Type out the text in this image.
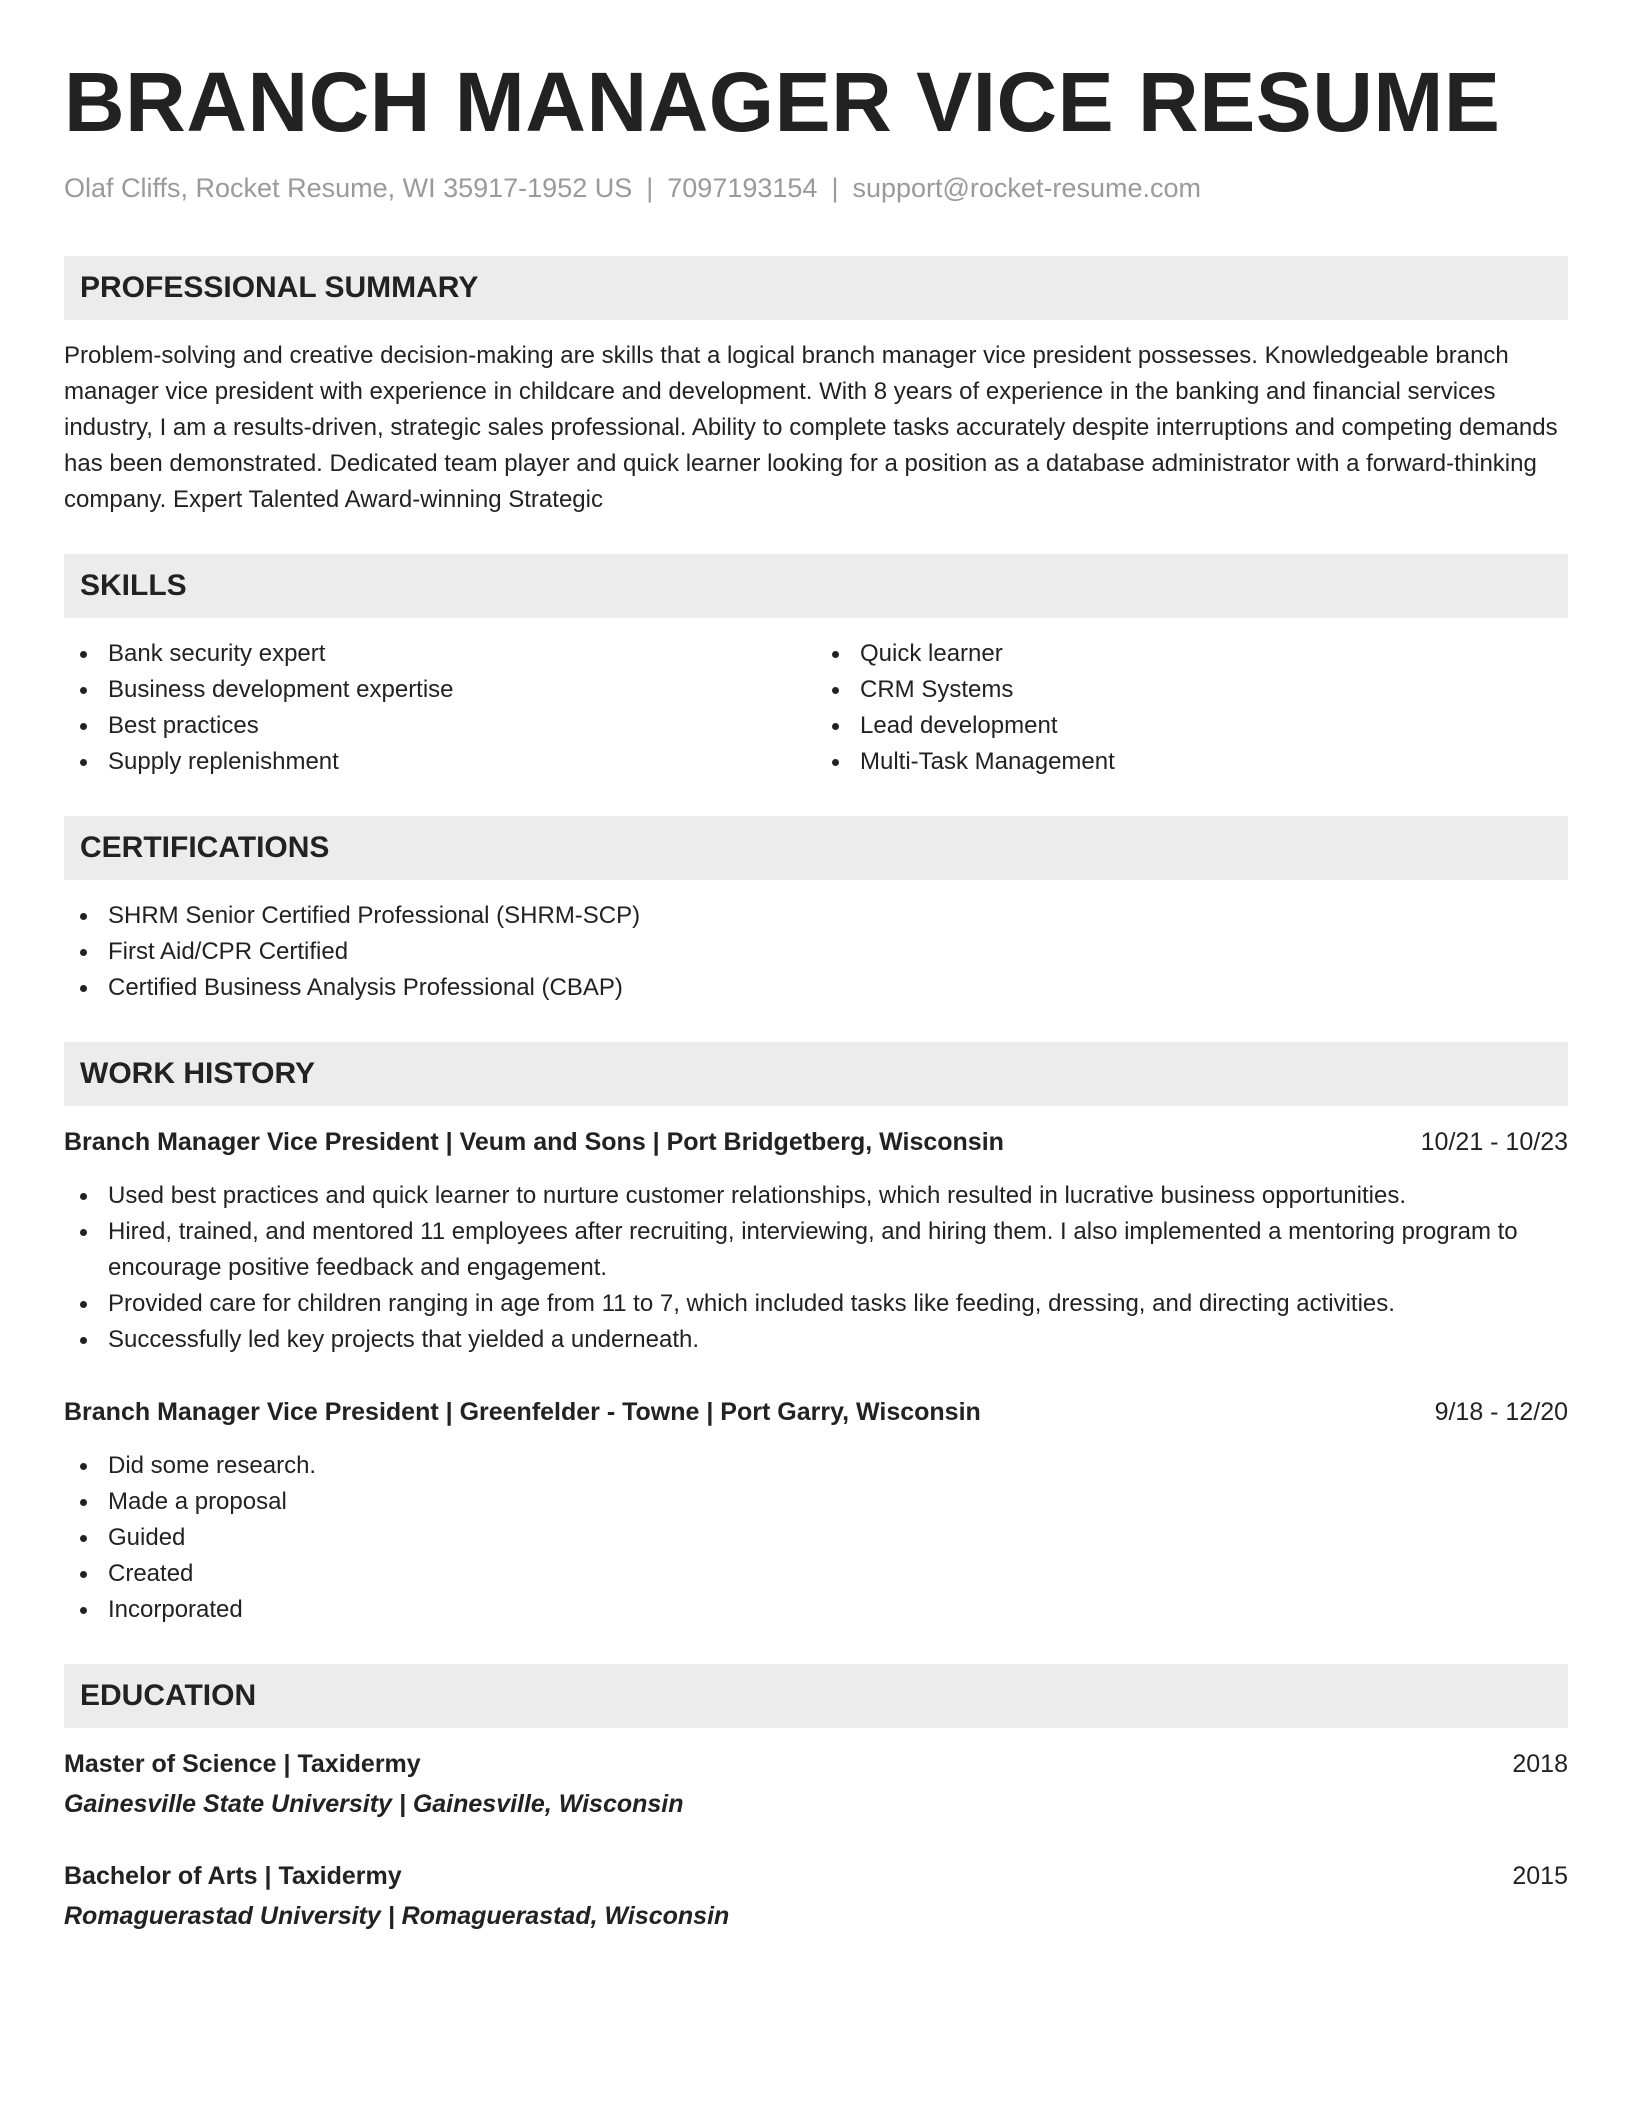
BRANCH MANAGER VICE RESUME
Olaf Cliffs, Rocket Resume, WI 35917-1952 US | 7097193154 | support@rocket-resume.com
PROFESSIONAL SUMMARY

Problem-solving and creative decision-making are skills that a logical branch manager vice president possesses. Knowledgeable branch manager vice president with experience in childcare and development. With 8 years of experience in the banking and financial services industry, I am a results-driven, strategic sales professional. Ability to complete tasks accurately despite interruptions and competing demands has been demonstrated. Dedicated team player and quick learner looking for a position as a database administrator with a forward-thinking company. Expert Talented Award-winning Strategic

SKILLS
Bank security expert
Business development expertise
Best practices
Supply replenishment
Quick learner
CRM Systems
Lead development
Multi-Task Management
CERTIFICATIONS
SHRM Senior Certified Professional (SHRM-SCP)
First Aid/CPR Certified
Certified Business Analysis Professional (CBAP)
WORK HISTORY
Branch Manager Vice President | Veum and Sons | Port Bridgetberg, Wisconsin	10/21 - 10/23
Used best practices and quick learner to nurture customer relationships, which resulted in lucrative business opportunities.
Hired, trained, and mentored 11 employees after recruiting, interviewing, and hiring them. I also implemented a mentoring program to encourage positive feedback and engagement.
Provided care for children ranging in age from 11 to 7, which included tasks like feeding, dressing, and directing activities.
Successfully led key projects that yielded a underneath.
Branch Manager Vice President | Greenfelder - Towne | Port Garry, Wisconsin	9/18 - 12/20
Did some research.
Made a proposal
Guided
Created
Incorporated
EDUCATION
Master of Science | Taxidermy	2018
Gainesville State University | Gainesville, Wisconsin
Bachelor of Arts | Taxidermy	2015
Romaguerastad University | Romaguerastad, Wisconsin
